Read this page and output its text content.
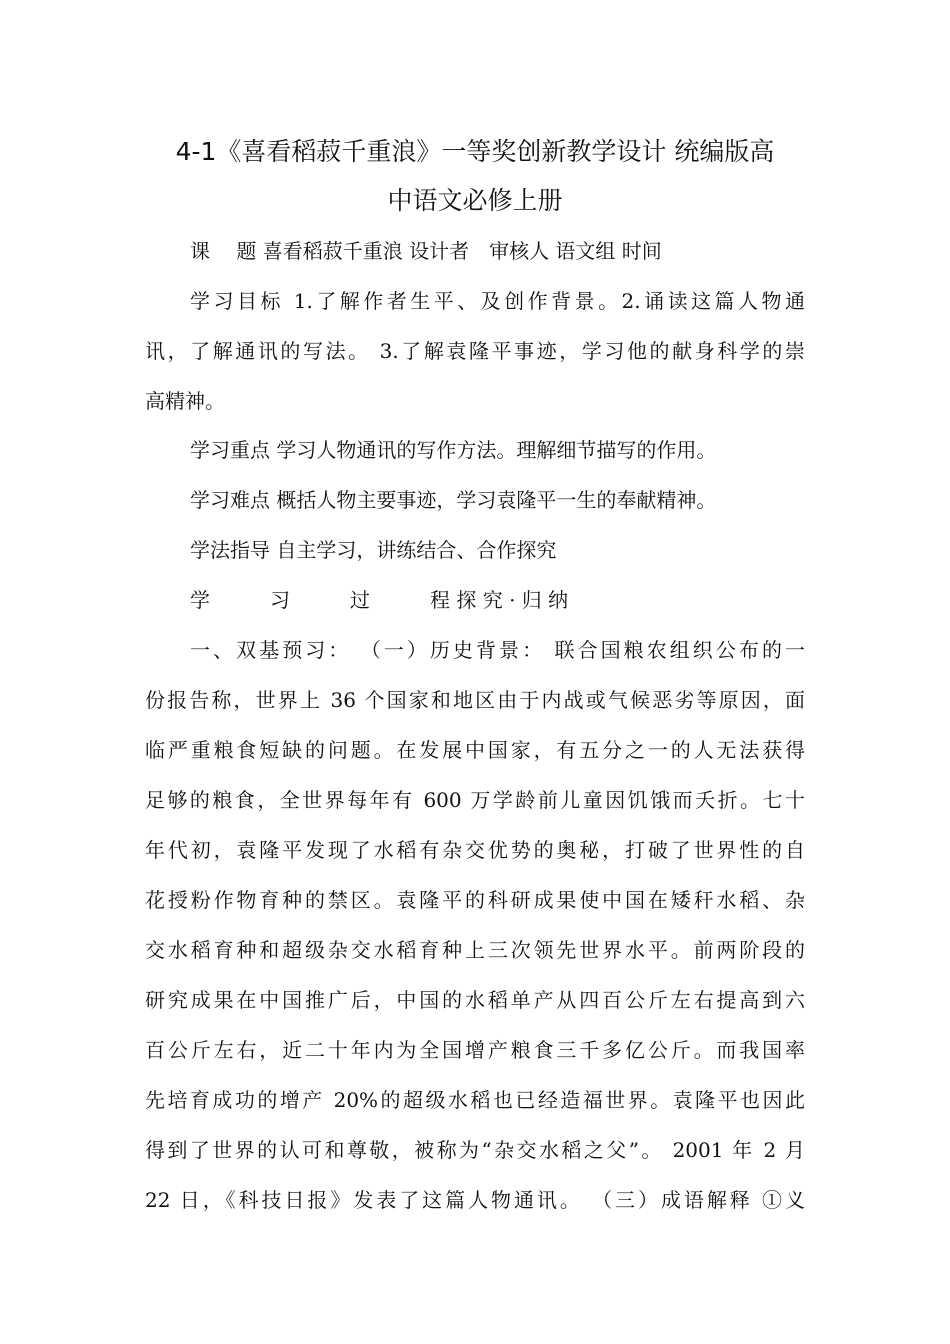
4-1《喜看稻菽千重浪》一等奖创新教学设计 统编版高
中语文必修上册
课　 题 喜看稻菽千重浪 设计者　审核人 语文组 时间
学习目标 1.了解作者生平、及创作背景。2.诵读这篇人物通
讯，了解通讯的写法。 3.了解袁隆平事迹，学习他的献身科学的崇
高精神。
学习重点 学习人物通讯的写作方法。理解细节描写的作用。
学习难点 概括人物主要事迹，学习袁隆平一生的奉献精神。
学法指导 自主学习，讲练结合、合作探究
学　　　习　　　过　　　程 探 究 · 归 纳
一、双基预习： （一）历史背景： 联合国粮农组织公布的一
份报告称，世界上 36 个国家和地区由于内战或气候恶劣等原因，面
临严重粮食短缺的问题。在发展中国家，有五分之一的人无法获得
足够的粮食，全世界每年有 600 万学龄前儿童因饥饿而夭折。七十
年代初，袁隆平发现了水稻有杂交优势的奥秘，打破了世界性的自
花授粉作物育种的禁区。袁隆平的科研成果使中国在矮秆水稻、杂
交水稻育种和超级杂交水稻育种上三次领先世界水平。前两阶段的
研究成果在中国推广后，中国的水稻单产从四百公斤左右提高到六
百公斤左右，近二十年内为全国增产粮食三千多亿公斤。而我国率
先培育成功的增产 20%的超级水稻也已经造福世界。袁隆平也因此
得到了世界的认可和尊敬，被称为“杂交水稻之父”。 2001 年 2 月
22 日，《科技日报》发表了这篇人物通讯。 （三）成语解释 ①义
